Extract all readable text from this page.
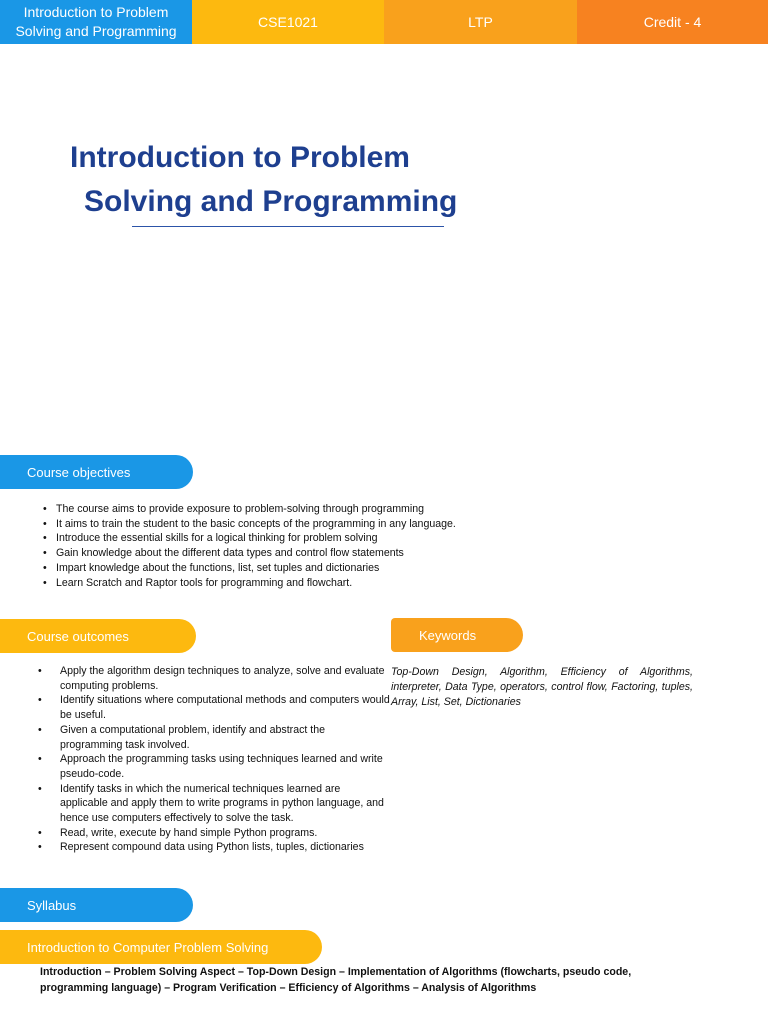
Introduction to Problem Solving and Programming
CSE1021	LTP	Credit - 4
Introduction to Problem
Solving and Programming
Course objectives
• The course aims to provide exposure to problem-solving through programming
• It aims to train the student to the basic concepts of the programming in any language.
• Introduce the essential skills for a logical thinking for problem solving
• Gain knowledge about the different data types and control flow statements
• Impart knowledge about the functions, list, set tuples and dictionaries
• Learn Scratch and Raptor tools for programming and flowchart.
Course outcomes
• Apply the algorithm design techniques to analyze, solve and evaluate computing problems.
• Identify situations where computational methods and computers would be useful.
• Given a computational problem, identify and abstract the programming task involved.
• Approach the programming tasks using techniques learned and write pseudo-code.
• Identify tasks in which the numerical techniques learned are applicable and apply them to write programs in python language, and hence use computers effectively to solve the task.
• Read, write, execute by hand simple Python programs.
• Represent compound data using Python lists, tuples, dictionaries
Keywords

Top-Down Design, Algorithm, Efficiency of Algorithms, interpreter, Data Type, operators, control flow, Factoring, tuples, Array, List, Set, Dictionaries

Syllabus
Introduction to Computer Problem Solving

Introduction – Problem Solving Aspect – Top-Down Design – Implementation of Algorithms (flowcharts, pseudo code, programming language) – Program Verification – Efficiency of Algorithms – Analysis of Algorithms
